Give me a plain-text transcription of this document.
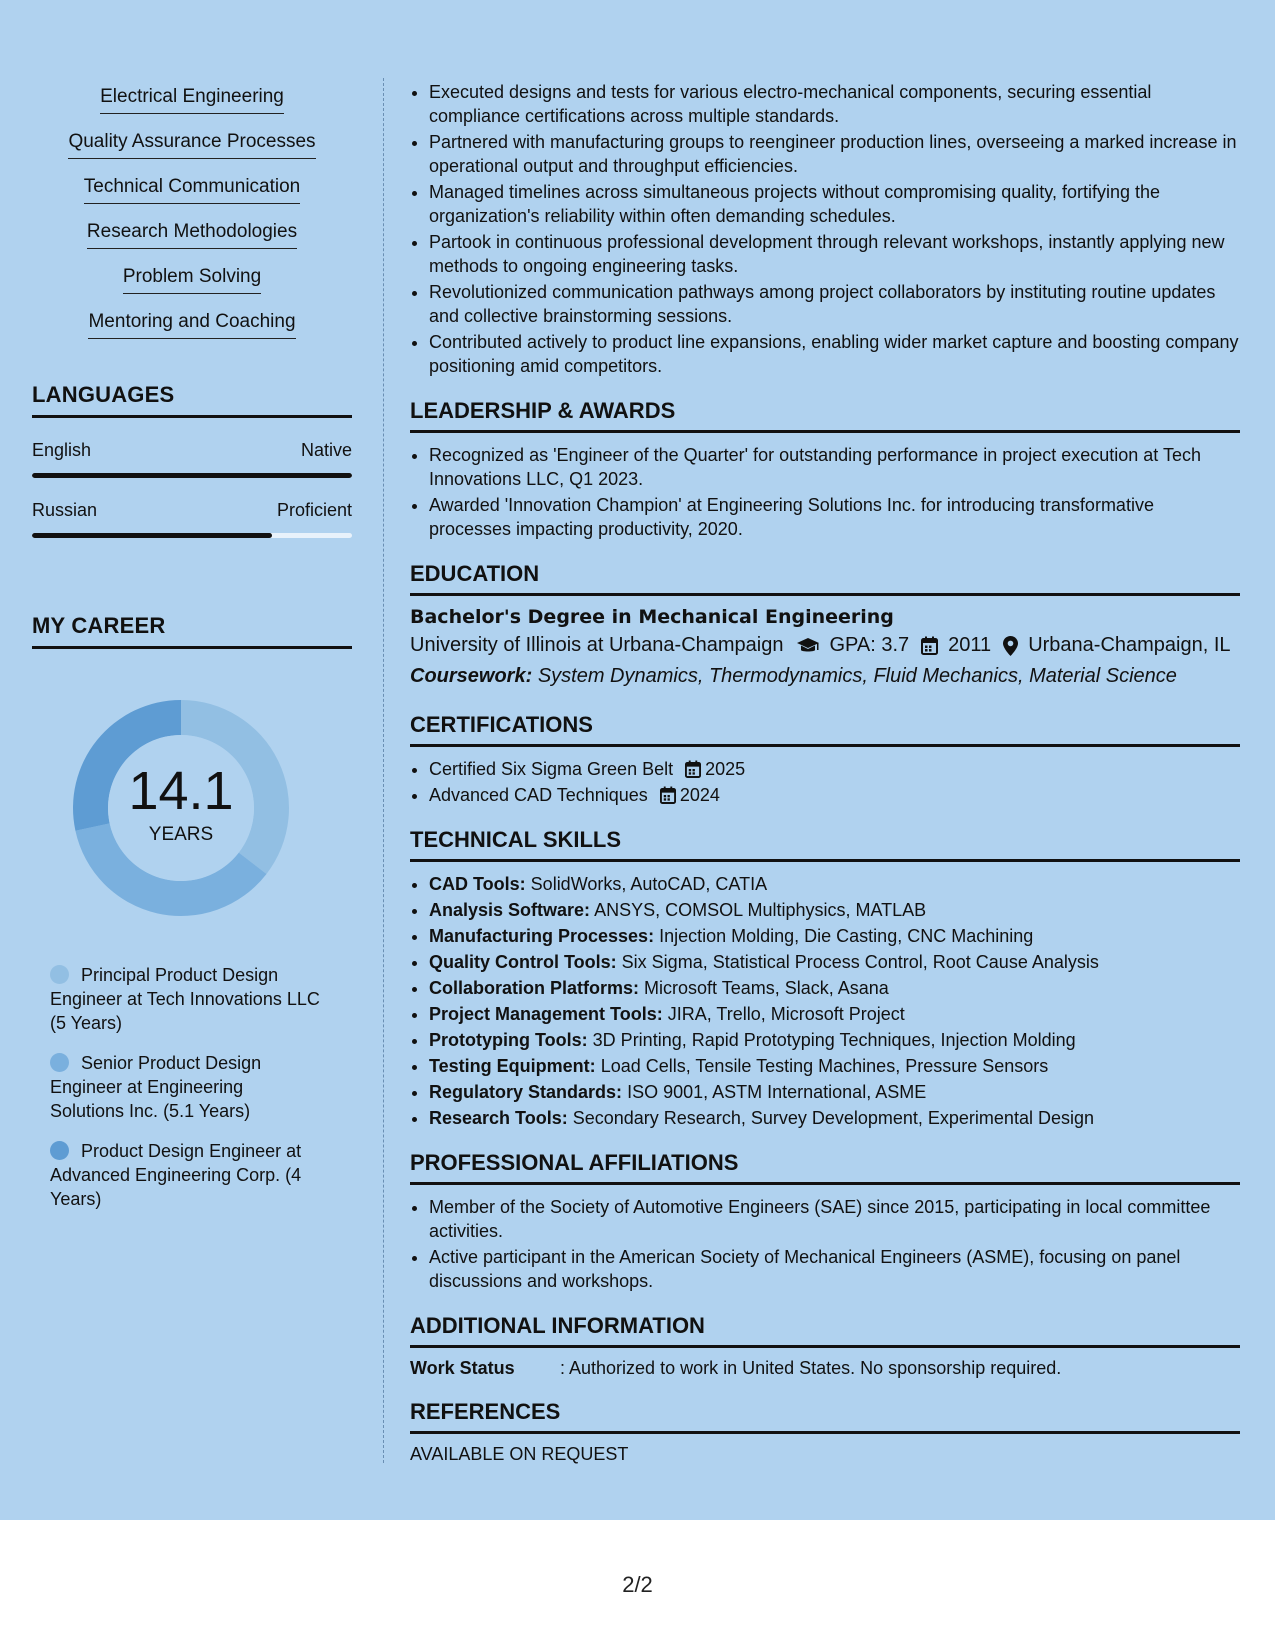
Electrical Engineering
Quality Assurance Processes
Technical Communication
Research Methodologies
Problem Solving
Mentoring and Coaching
LANGUAGES
English	Native
Russian	Proficient
MY CAREER
14.1
YEARS
Principal Product Design Engineer at Tech Innovations LLC (5 Years)
Senior Product Design Engineer at Engineering Solutions Inc. (5.1 Years)
Product Design Engineer at Advanced Engineering Corp. (4 Years)
• Executed designs and tests for various electro-mechanical components, securing essential compliance certifications across multiple standards.
• Partnered with manufacturing groups to reengineer production lines, overseeing a marked increase in operational output and throughput efficiencies.
• Managed timelines across simultaneous projects without compromising quality, fortifying the organization's reliability within often demanding schedules.
• Partook in continuous professional development through relevant workshops, instantly applying new methods to ongoing engineering tasks.
• Revolutionized communication pathways among project collaborators by instituting routine updates and collective brainstorming sessions.
• Contributed actively to product line expansions, enabling wider market capture and boosting company positioning amid competitors.
LEADERSHIP & AWARDS
• Recognized as 'Engineer of the Quarter' for outstanding performance in project execution at Tech Innovations LLC, Q1 2023.
• Awarded 'Innovation Champion' at Engineering Solutions Inc. for introducing transformative processes impacting productivity, 2020.
EDUCATION
Bachelor's Degree in Mechanical Engineering
University of Illinois at Urbana-Champaign GPA: 3.7 2011 Urbana-Champaign, IL
Coursework: System Dynamics, Thermodynamics, Fluid Mechanics, Material Science
CERTIFICATIONS
• Certified Six Sigma Green Belt 2025
• Advanced CAD Techniques 2024
TECHNICAL SKILLS
• CAD Tools: SolidWorks, AutoCAD, CATIA
• Analysis Software: ANSYS, COMSOL Multiphysics, MATLAB
• Manufacturing Processes: Injection Molding, Die Casting, CNC Machining
• Quality Control Tools: Six Sigma, Statistical Process Control, Root Cause Analysis
• Collaboration Platforms: Microsoft Teams, Slack, Asana
• Project Management Tools: JIRA, Trello, Microsoft Project
• Prototyping Tools: 3D Printing, Rapid Prototyping Techniques, Injection Molding
• Testing Equipment: Load Cells, Tensile Testing Machines, Pressure Sensors
• Regulatory Standards: ISO 9001, ASTM International, ASME
• Research Tools: Secondary Research, Survey Development, Experimental Design
PROFESSIONAL AFFILIATIONS
• Member of the Society of Automotive Engineers (SAE) since 2015, participating in local committee activities.
• Active participant in the American Society of Mechanical Engineers (ASME), focusing on panel discussions and workshops.
ADDITIONAL INFORMATION
Work Status	: Authorized to work in United States. No sponsorship required.
REFERENCES
AVAILABLE ON REQUEST
2/2
